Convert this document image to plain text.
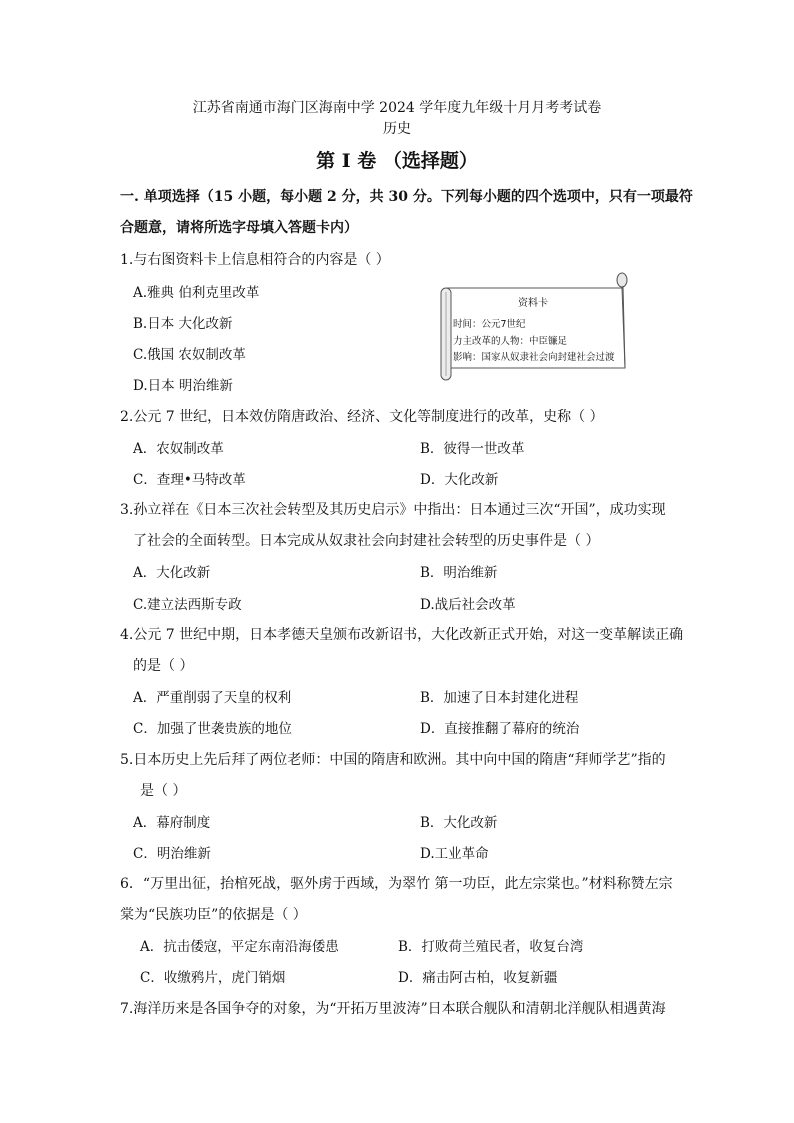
江苏省南通市海门区海南中学 2024 学年度九年级十月月考考试卷
历史
第 I 卷 （选择题）
一. 单项选择（15 小题，每小题 2 分，共 30 分。下列每小题的四个选项中，只有一项最符
合题意，请将所选字母填入答题卡内）
1.与右图资料卡上信息相符合的内容是（ ）
A.雅典 伯利克里改革
B.日本 大化改新
C.俄国 农奴制改革
D.日本 明治维新
资料卡
时间：公元7世纪
力主改革的人物：中臣镰足
影响：国家从奴隶社会向封建社会过渡
2.公元 7 世纪，日本效仿隋唐政治、经济、文化等制度进行的改革，史称（ ）
A．农奴制改革	B．彼得一世改革
C．查理•马特改革	D．大化改新
3.孙立祥在《日本三次社会转型及其历史启示》中指出：日本通过三次“开国”，成功实现
了社会的全面转型。日本完成从奴隶社会向封建社会转型的历史事件是（ ）
A．大化改新	B．明治维新
C.建立法西斯专政	D.战后社会改革
4.公元 7 世纪中期，日本孝德天皇颁布改新诏书，大化改新正式开始，对这一变革解读正确
的是（ ）
A．严重削弱了天皇的权利	B．加速了日本封建化进程
C．加强了世袭贵族的地位	D．直接推翻了幕府的统治
5.日本历史上先后拜了两位老师：中国的隋唐和欧洲。其中向中国的隋唐“拜师学艺”指的
是（ ）
A．幕府制度	B．大化改新
C．明治维新	D.工业革命
6．“万里出征，抬棺死战，驱外虏于西域，为翠竹 第一功臣，此左宗棠也。”材料称赞左宗
棠为“民族功臣”的依据是（ ）
A．抗击倭寇，平定东南沿海倭患	B．打败荷兰殖民者，收复台湾
C．收缴鸦片，虎门销烟	D．痛击阿古柏，收复新疆
7.海洋历来是各国争夺的对象，为“开拓万里波涛”日本联合舰队和清朝北洋舰队相遇黄海
